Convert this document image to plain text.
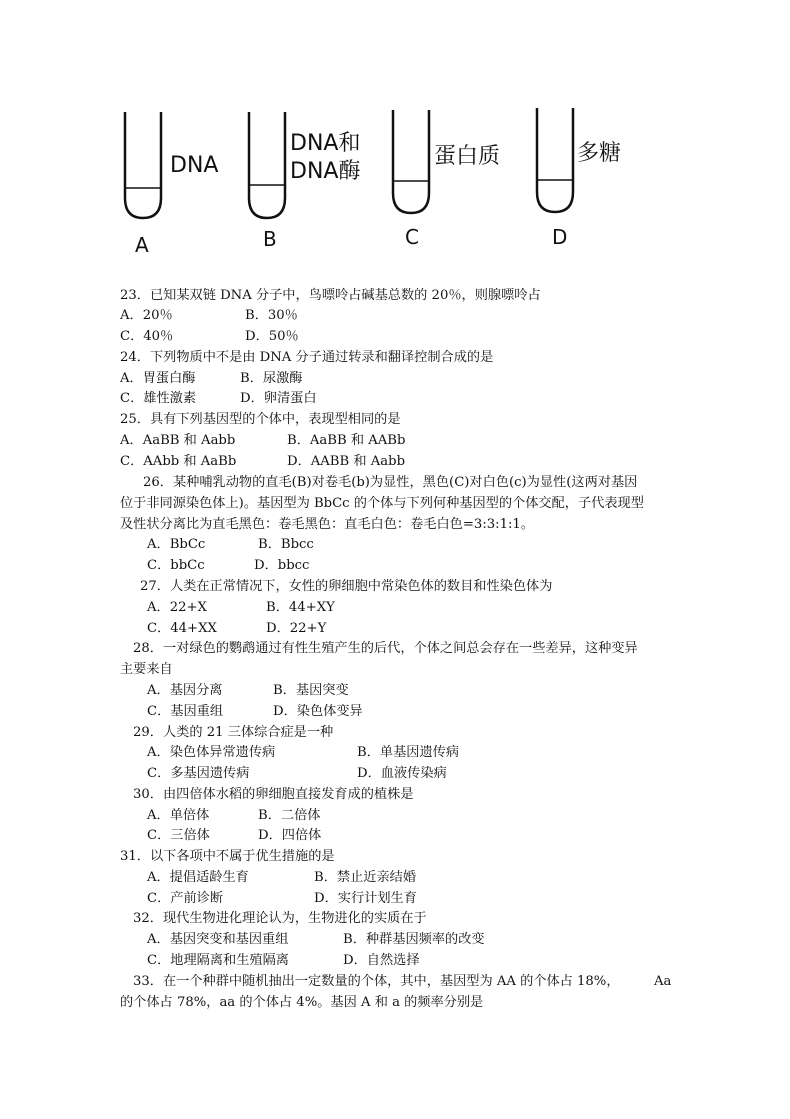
DNA
A
DNA和
DNA酶
B
蛋白质
C
多糖
D
23．已知某双链 DNA 分子中，鸟嘌呤占碱基总数的 20％，则腺嘌呤占
A．20％	B．30％
C．40％	D．50％
24．下列物质中不是由 DNA 分子通过转录和翻译控制合成的是
A．胃蛋白酶	B．尿激酶
C．雄性激素	D．卵清蛋白
25．具有下列基因型的个体中，表现型相同的是
A．AaBB 和 Aabb	B．AaBB 和 AABb
C．AAbb 和 AaBb	D．AABB 和 Aabb
26．某种哺乳动物的直毛(B)对卷毛(b)为显性，黑色(C)对白色(c)为显性(这两对基因
位于非同源染色体上)。基因型为 BbCc 的个体与下列何种基因型的个体交配，子代表现型
及性状分离比为直毛黑色：卷毛黑色：直毛白色：卷毛白色=3:3:1:1。
A．BbCc	B．Bbcc
C．bbCc	D．bbcc
27．人类在正常情况下，女性的卵细胞中常染色体的数目和性染色体为
A．22+X	B．44+XY
C．44+XX	D．22+Y
28．一对绿色的鹦鹉通过有性生殖产生的后代，个体之间总会存在一些差异，这种变异
主要来自
A．基因分离	B．基因突变
C．基因重组	D．染色体变异
29．人类的 21 三体综合症是一种
A．染色体异常遗传病	B．单基因遗传病
C．多基因遗传病	D．血液传染病
30．由四倍体水稻的卵细胞直接发育成的植株是
A．单倍体	B．二倍体
C．三倍体	D．四倍体
31．以下各项中不属于优生措施的是
A．提倡适龄生育	B．禁止近亲结婚
C．产前诊断	D．实行计划生育
32．现代生物进化理论认为，生物进化的实质在于
A．基因突变和基因重组	B．种群基因频率的改变
C．地理隔离和生殖隔离	D．自然选择
33．在一个种群中随机抽出一定数量的个体，其中，基因型为 AA 的个体占 18%，	Aa
的个体占 78%，aa 的个体占 4%。基因 A 和 a 的频率分别是
